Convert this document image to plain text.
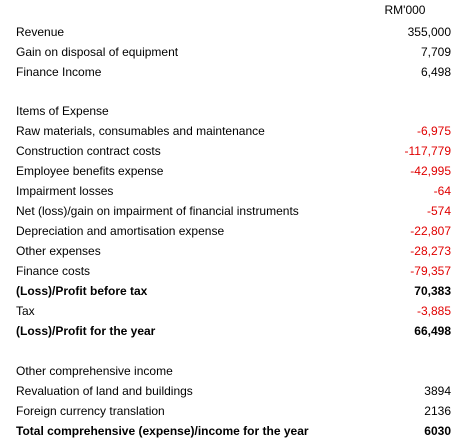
RM'000
Revenue	355,000
Gain on disposal of equipment	7,709
Finance Income	6,498
Items of Expense
Raw materials, consumables and maintenance	-6,975
Construction contract costs	-117,779
Employee benefits expense	-42,995
Impairment losses	-64
Net (loss)/gain on impairment of financial instruments	-574
Depreciation and amortisation expense	-22,807
Other expenses	-28,273
Finance costs	-79,357
(Loss)/Profit before tax	70,383
Tax	-3,885
(Loss)/Profit for the year	66,498
Other comprehensive income
Revaluation of land and buildings	3894
Foreign currency translation	2136
Total comprehensive (expense)/income for the year	6030
